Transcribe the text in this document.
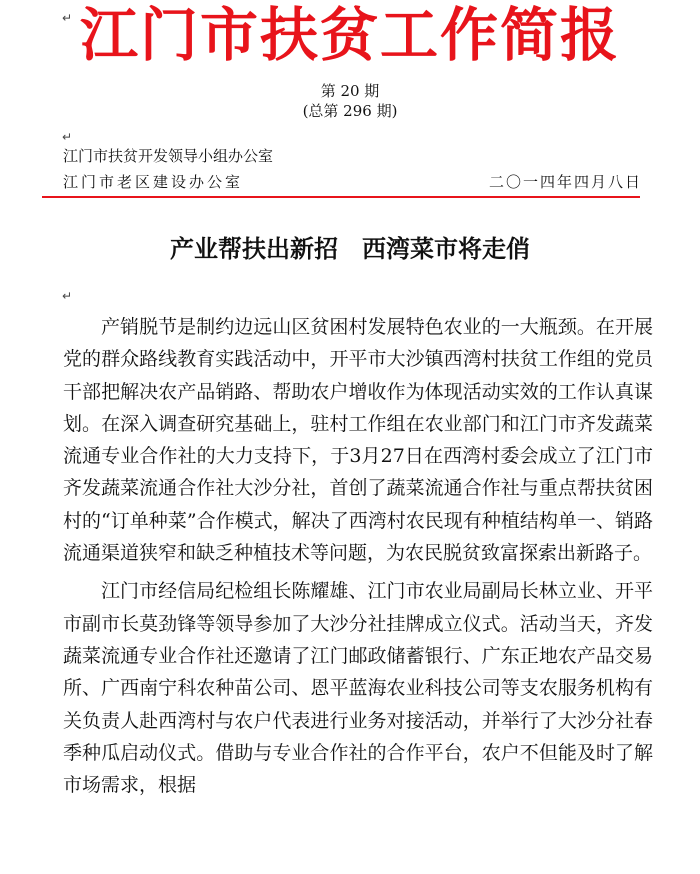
↵ 江门市扶贫工作简报
第 20 期
(总第 296 期)
↵
江门市扶贫开发领导小组办公室
江门市老区建设办公室	二〇一四年四月八日
产业帮扶出新招　西湾菜市将走俏
↵

产销脱节是制约边远山区贫困村发展特色农业的一大瓶颈。在开展党的群众路线教育实践活动中，开平市大沙镇西湾村扶贫工作组的党员干部把解决农产品销路、帮助农户增收作为体现活动实效的工作认真谋划。在深入调查研究基础上，驻村工作组在农业部门和江门市齐发蔬菜流通专业合作社的大力支持下，于3月27日在西湾村委会成立了江门市齐发蔬菜流通合作社大沙分社，首创了蔬菜流通合作社与重点帮扶贫困村的“订单种菜”合作模式，解决了西湾村农民现有种植结构单一、销路流通渠道狭窄和缺乏种植技术等问题，为农民脱贫致富探索出新路子。

江门市经信局纪检组长陈耀雄、江门市农业局副局长林立业、开平市副市长莫劲锋等领导参加了大沙分社挂牌成立仪式。活动当天，齐发蔬菜流通专业合作社还邀请了江门邮政储蓄银行、广东正地农产品交易所、广西南宁科农种苗公司、恩平蓝海农业科技公司等支农服务机构有关负责人赴西湾村与农户代表进行业务对接活动，并举行了大沙分社春季种瓜启动仪式。借助与专业合作社的合作平台，农户不但能及时了解市场需求，根据
